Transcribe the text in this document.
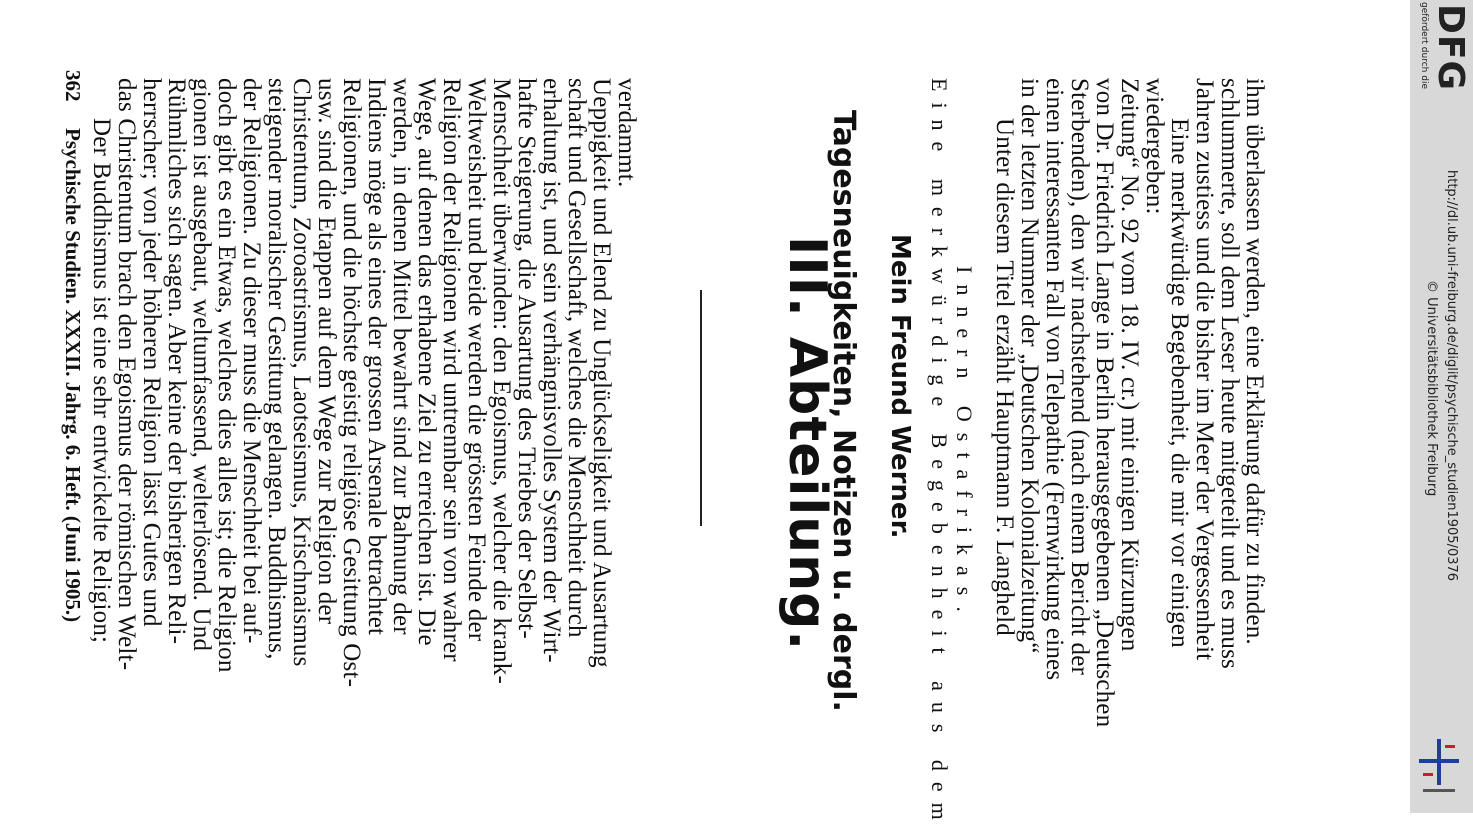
362
Psychische Studien. XXXII. Jahrg. 6. Heft. (Juni 1905.) Der Buddhismus ist eine sehr entwickelte Religion;
das Christentum brach den Egoismus der römischen Welt-
herrscher; von jeder höheren Religion lässt Gutes und
Rühmliches sich sagen. Aber keine der bisherigen Reli-
gionen ist ausgebaut, weltumfassend, welterlösend. Und
doch gibt es ein Etwas, welches dies alles ist; die Religion
der Religionen. Zu dieser muss die Menschheit bei auf-
steigender moralischer Gesittung gelangen. Buddhismus,
Christentum, Zoroastrismus, Laotseismus, Krischnaismus
usw. sind die Etappen auf dem Wege zur Religion der
Religionen, und die höchste geistig religiöse Gesittung Ost-
Indiens möge als eines der grossen Arsenale betrachtet
werden, in denen Mittel bewahrt sind zur Bahnung der
Wege, auf denen das erhabene Ziel zu erreichen ist. Die
Religion der Religionen wird untrennbar sein von wahrer
Weltweisheit und beide werden die grössten Feinde der
Menschheit überwinden: den Egoismus, welcher die krank-
hafte Steigerung, die Ausartung des Triebes der Selbst-
erhaltung ist, und sein verhängnisvolles System der Wirt-
schaft und Gesellschaft, welches die Menschheit durch
Ueppigkeit und Elend zu Unglückseligkeit und Ausartung
verdammt.
III. Abteilung.
Tagesneuigkeiten, Notizen u. dergl. Mein Freund Werner. Eine merkwürdige Begebenheit aus dem Innern Ostafrikas. Unter diesem Titel erzählt Hauptmann F. Langheld
in der letzten Nummer der „Deutschen Kolonialzeitung“
einen interessanten Fall von Telepathie (Fernwirkung eines
Sterbenden), den wir nachstehend (nach einem Bericht der
von Dr. Friedrich Lange in Berlin herausgegebenen „Deutschen
Zeitung“ No. 92 vom 18. IV. cr.) mit einigen Kürzungen
wiedergeben:
Eine merkwürdige Begebenheit, die mir vor einigen
Jahren zustiess und die bisher im Meer der Vergessenheit
schlummerte, soll dem Leser heute mitgeteilt und es muss
ihm überlassen werden, eine Erklärung dafür zu finden.
DFG
gefördert durch die
http://dl.ub.uni-freiburg.de/diglit/psychische_studien1905/0376
© Universitätsbibliothek Freiburg
